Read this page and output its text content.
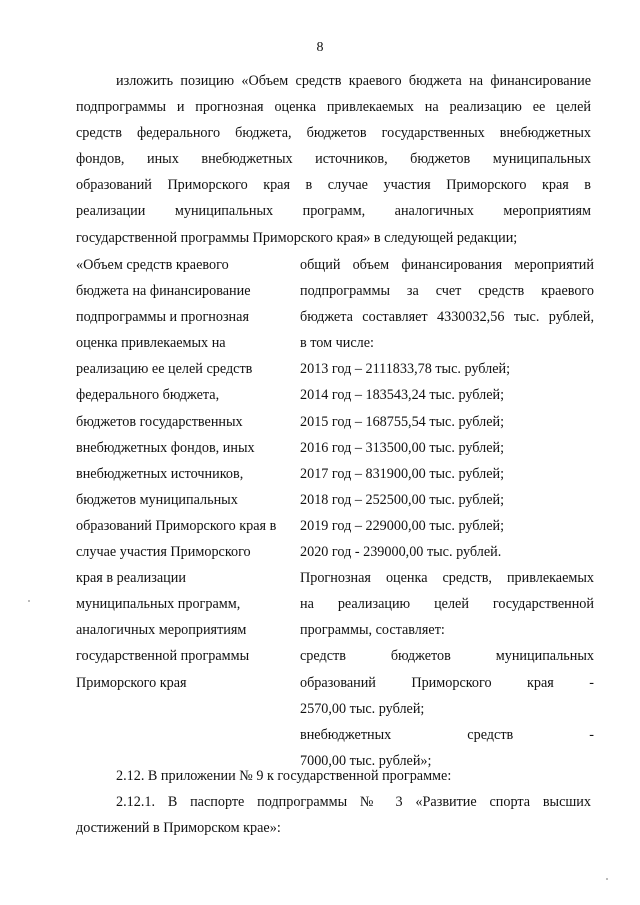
8
изложить позицию «Объем средств краевого бюджета на финансирование
подпрограммы и прогнозная оценка привлекаемых на реализацию ее целей
средств федерального бюджета, бюджетов государственных внебюджетных
фондов, иных внебюджетных источников, бюджетов муниципальных
образований Приморского края в случае участия Приморского края в
реализации муниципальных программ, аналогичных мероприятиям
государственной программы Приморского края» в следующей редакции;
«Объем средств краевого
бюджета на финансирование
подпрограммы и прогнозная
оценка привлекаемых на
реализацию ее целей средств
федерального бюджета,
бюджетов государственных
внебюджетных фондов, иных
внебюджетных источников,
бюджетов муниципальных
образований Приморского края в
случае участия Приморского
края в реализации
муниципальных программ,
аналогичных мероприятиям
государственной программы
Приморского края
общий объем финансирования мероприятий
подпрограммы за счет средств краевого
бюджета составляет 4330032,56 тыс. рублей,
в том числе:
2013 год – 2111833,78 тыс. рублей;
2014 год – 183543,24 тыс. рублей;
2015 год – 168755,54 тыс. рублей;
2016 год – 313500,00 тыс. рублей;
2017 год – 831900,00 тыс. рублей;
2018 год – 252500,00 тыс. рублей;
2019 год – 229000,00 тыс. рублей;
2020 год - 239000,00 тыс. рублей.
Прогнозная оценка средств, привлекаемых
на реализацию целей государственной
программы, составляет:
средств бюджетов муниципальных
образований Приморского края -
2570,00 тыс. рублей;
внебюджетных средств -
7000,00 тыс. рублей»;
2.12. В приложении № 9 к государственной программе:
2.12.1. В паспорте подпрограммы № 3 «Развитие спорта высших
достижений в Приморском крае»:
